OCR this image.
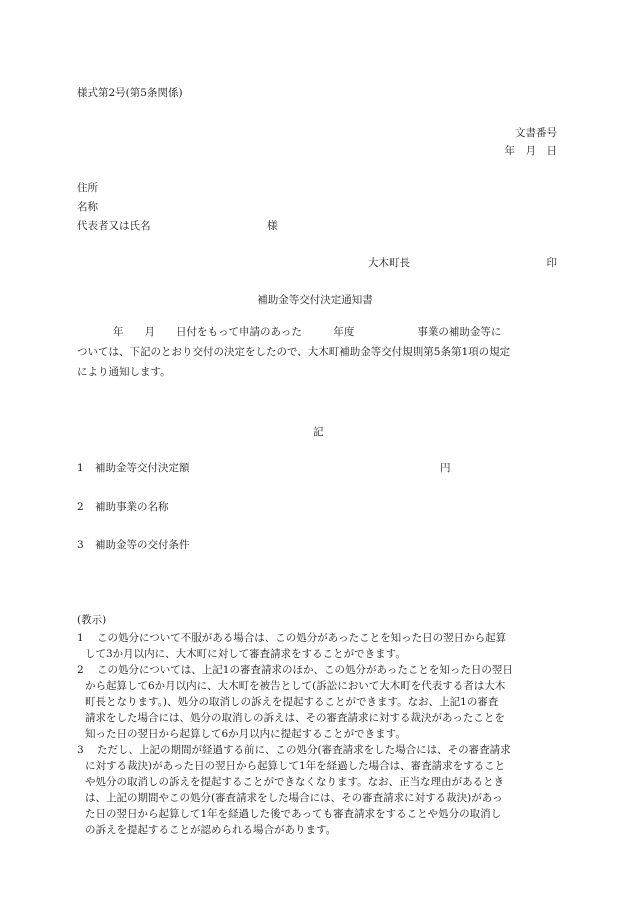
様式第2号(第5条関係)
文書番号
年　月　日
住所
名称
代表者又は氏名	様
大木町長	印
補助金等交付決定通知書
年　　月　　日付をもって申請のあった　　　年度　　　　　　事業の補助金等に
ついては、下記のとおり交付の決定をしたので、大木町補助金等交付規則第5条第1項の規定
により通知します。
記
1 補助金等交付決定額	円
2 補助事業の名称
3 補助金等の交付条件
(教示)
1	この処分について不服がある場合は、この処分があったことを知った日の翌日から起算
して3か月以内に、大木町に対して審査請求をすることができます。
2	この処分については、上記1の審査請求のほか、この処分があったことを知った日の翌日
から起算して6か月以内に、大木町を被告として(訴訟において大木町を代表する者は大木
町長となります。)、処分の取消しの訴えを提起することができます。なお、上記1の審査
請求をした場合には、処分の取消しの訴えは、その審査請求に対する裁決があったことを
知った日の翌日から起算して6か月以内に提起することができます。
3	ただし、上記の期間が経過する前に、この処分(審査請求をした場合には、その審査請求
に対する裁決)があった日の翌日から起算して1年を経過した場合は、審査請求をすること
や処分の取消しの訴えを提起することができなくなります。なお、正当な理由があるとき
は、上記の期間やこの処分(審査請求をした場合には、その審査請求に対する裁決)があっ
た日の翌日から起算して1年を経過した後であっても審査請求をすることや処分の取消し
の訴えを提起することが認められる場合があります。
